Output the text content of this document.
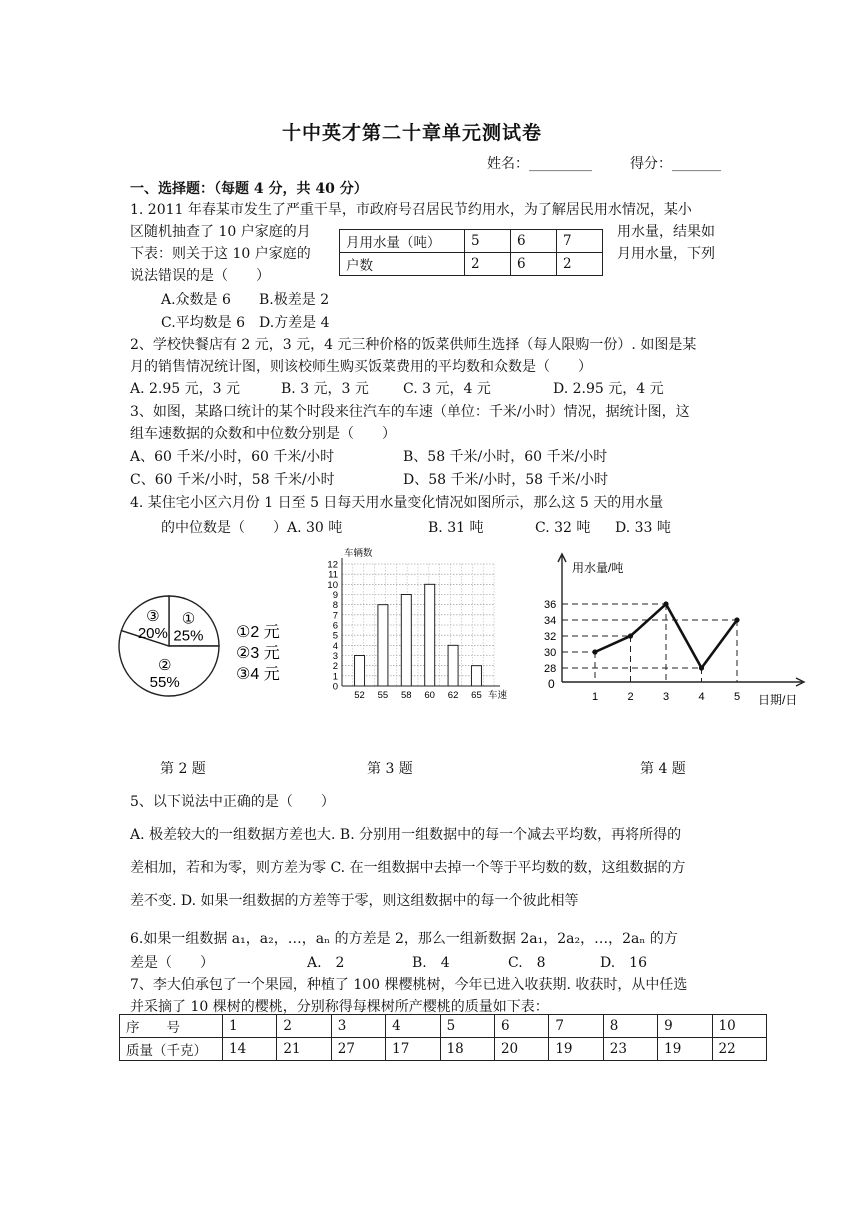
十中英才第二十章单元测试卷
姓名：_________	得分：_______
一、选择题：（每题 4 分，共 40 分）
1. 2011 年春某市发生了严重干旱，市政府号召居民节约用水，为了解居民用水情况，某小
区随机抽查了 10 户家庭的月	用水量，结果如
下表：则关于这 10 户家庭的	月用水量，下列
说法错误的是（　　）
月用水量（吨）	5	6	7
户数	2	6	2
A.众数是 6 B.极差是 2
C.平均数是 6 D.方差是 4
2、学校快餐店有 2 元，3 元，4 元三种价格的饭菜供师生选择（每人限购一份）. 如图是某
月的销售情况统计图，则该校师生购买饭菜费用的平均数和众数是（　　）
A. 2.95 元，3 元	B. 3 元，3 元 C. 3 元，4 元	D. 2.95 元，4 元
3、如图，某路口统计的某个时段来往汽车的车速（单位：千米/小时）情况，据统计图，这
组车速数据的众数和中位数分别是（　　）
A、60 千米/小时，60 千米/小时	B、58 千米/小时，60 千米/小时
C、60 千米/小时，58 千米/小时	D、58 千米/小时，58 千米/小时
4. 某住宅小区六月份 1 日至 5 日每天用水量变化情况如图所示，那么这 5 天的用水量
的中位数是（　　）A. 30 吨	B. 31 吨	C. 32 吨 D. 33 吨
①
25%
②
55%
③
20%	①2 元
②3 元
③4 元
0
1
2
3
4
5
6
7
8
9
10
11
12
车辆数
车速
52 55 58 60 62 65
用水量/吨
日期/日
0
28
30
32
34
36
1	2	3	4	5
第 2 题	第 3 题	第 4 题
5、以下说法中正确的是（　　）
A. 极差较大的一组数据方差也大. B. 分别用一组数据中的每一个减去平均数，再将所得的
差相加，若和为零，则方差为零 C. 在一组数据中去掉一个等于平均数的数，这组数据的方
差不变. D. 如果一组数据的方差等于零，则这组数据中的每一个彼此相等
6.如果一组数据 a₁，a₂，…，aₙ 的方差是 2，那么一组新数据 2a₁，2a₂，…，2aₙ 的方
差是（　　）	A.　2	B.　4	C.　8	D.　16
7、李大伯承包了一个果园，种植了 100 棵樱桃树，今年已进入收获期. 收获时，从中任选
并采摘了 10 棵树的樱桃，分别称得每棵树所产樱桃的质量如下表：
序　　号	1	2	3	4	5	6	7	8	9	10
质量（千克）	14	21	27	17	18	20	19	23	19	22
